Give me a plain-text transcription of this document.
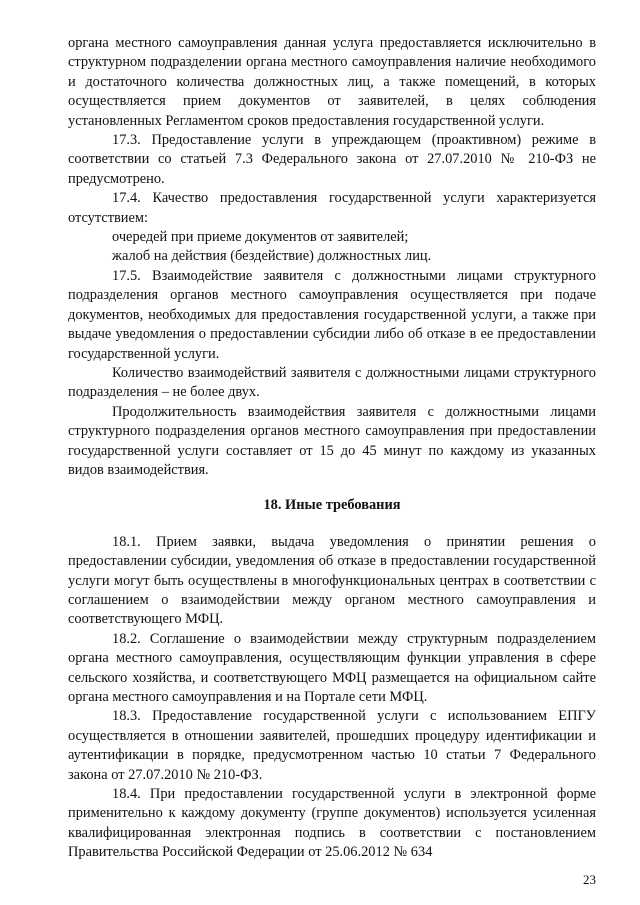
органа местного самоуправления данная услуга предоставляется исключительно в структурном подразделении органа местного самоуправления наличие необходимого и достаточного количества должностных лиц, а также помещений, в которых осуществляется прием документов от заявителей, в целях соблюдения установленных Регламентом сроков предоставления государственной услуги.

17.3. Предоставление услуги в упреждающем (проактивном) режиме в соответствии со статьей 7.3 Федерального закона от 27.07.2010 № 210-ФЗ не предусмотрено.

17.4. Качество предоставления государственной услуги характеризуется отсутствием:

очередей при приеме документов от заявителей;

жалоб на действия (бездействие) должностных лиц.

17.5. Взаимодействие заявителя с должностными лицами структурного подразделения органов местного самоуправления осуществляется при подаче документов, необходимых для предоставления государственной услуги, а также при выдаче уведомления о предоставлении субсидии либо об отказе в ее предоставлении государственной услуги.

Количество взаимодействий заявителя с должностными лицами структурного подразделения – не более двух.

Продолжительность взаимодействия заявителя с должностными лицами структурного подразделения органов местного самоуправления при предоставлении государственной услуги составляет от 15 до 45 минут по каждому из указанных видов взаимодействия.

18. Иные требования

18.1. Прием заявки, выдача уведомления о принятии решения о предоставлении субсидии, уведомления об отказе в предоставлении государственной услуги могут быть осуществлены в многофункциональных центрах в соответствии с соглашением о взаимодействии между органом местного самоуправления и соответствующего МФЦ.

18.2. Соглашение о взаимодействии между структурным подразделением органа местного самоуправления, осуществляющим функции управления в сфере сельского хозяйства, и соответствующего МФЦ размещается на официальном сайте органа местного самоуправления и на Портале сети МФЦ.

18.3. Предоставление государственной услуги с использованием ЕПГУ осуществляется в отношении заявителей, прошедших процедуру идентификации и аутентификации в порядке, предусмотренном частью 10 статьи 7 Федерального закона от 27.07.2010 № 210-ФЗ.

18.4. При предоставлении государственной услуги в электронной форме применительно к каждому документу (группе документов) используется усиленная квалифицированная электронная подпись в соответствии с постановлением Правительства Российской Федерации от 25.06.2012 № 634

23
